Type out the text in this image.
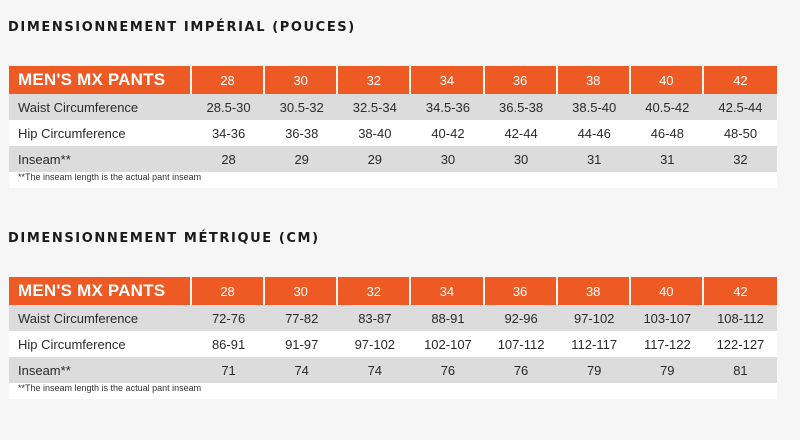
DIMENSIONNEMENT IMPÉRIAL (POUCES)
MEN'S MX PANTS	28	30	32	34	36	38	40	42
Waist Circumference	28.5-30	30.5-32	32.5-34	34.5-36	36.5-38	38.5-40	40.5-42	42.5-44
Hip Circumference	34-36	36-38	38-40	40-42	42-44	44-46	46-48	48-50
Inseam**	28	29	29	30	30	31	31	32
**The inseam length is the actual pant inseam								
DIMENSIONNEMENT MÉTRIQUE (CM)
MEN'S MX PANTS	28	30	32	34	36	38	40	42
Waist Circumference	72-76	77-82	83-87	88-91	92-96	97-102	103-107	108-112
Hip Circumference	86-91	91-97	97-102	102-107	107-112	112-117	117-122	122-127
Inseam**	71	74	74	76	76	79	79	81
**The inseam length is the actual pant inseam								
